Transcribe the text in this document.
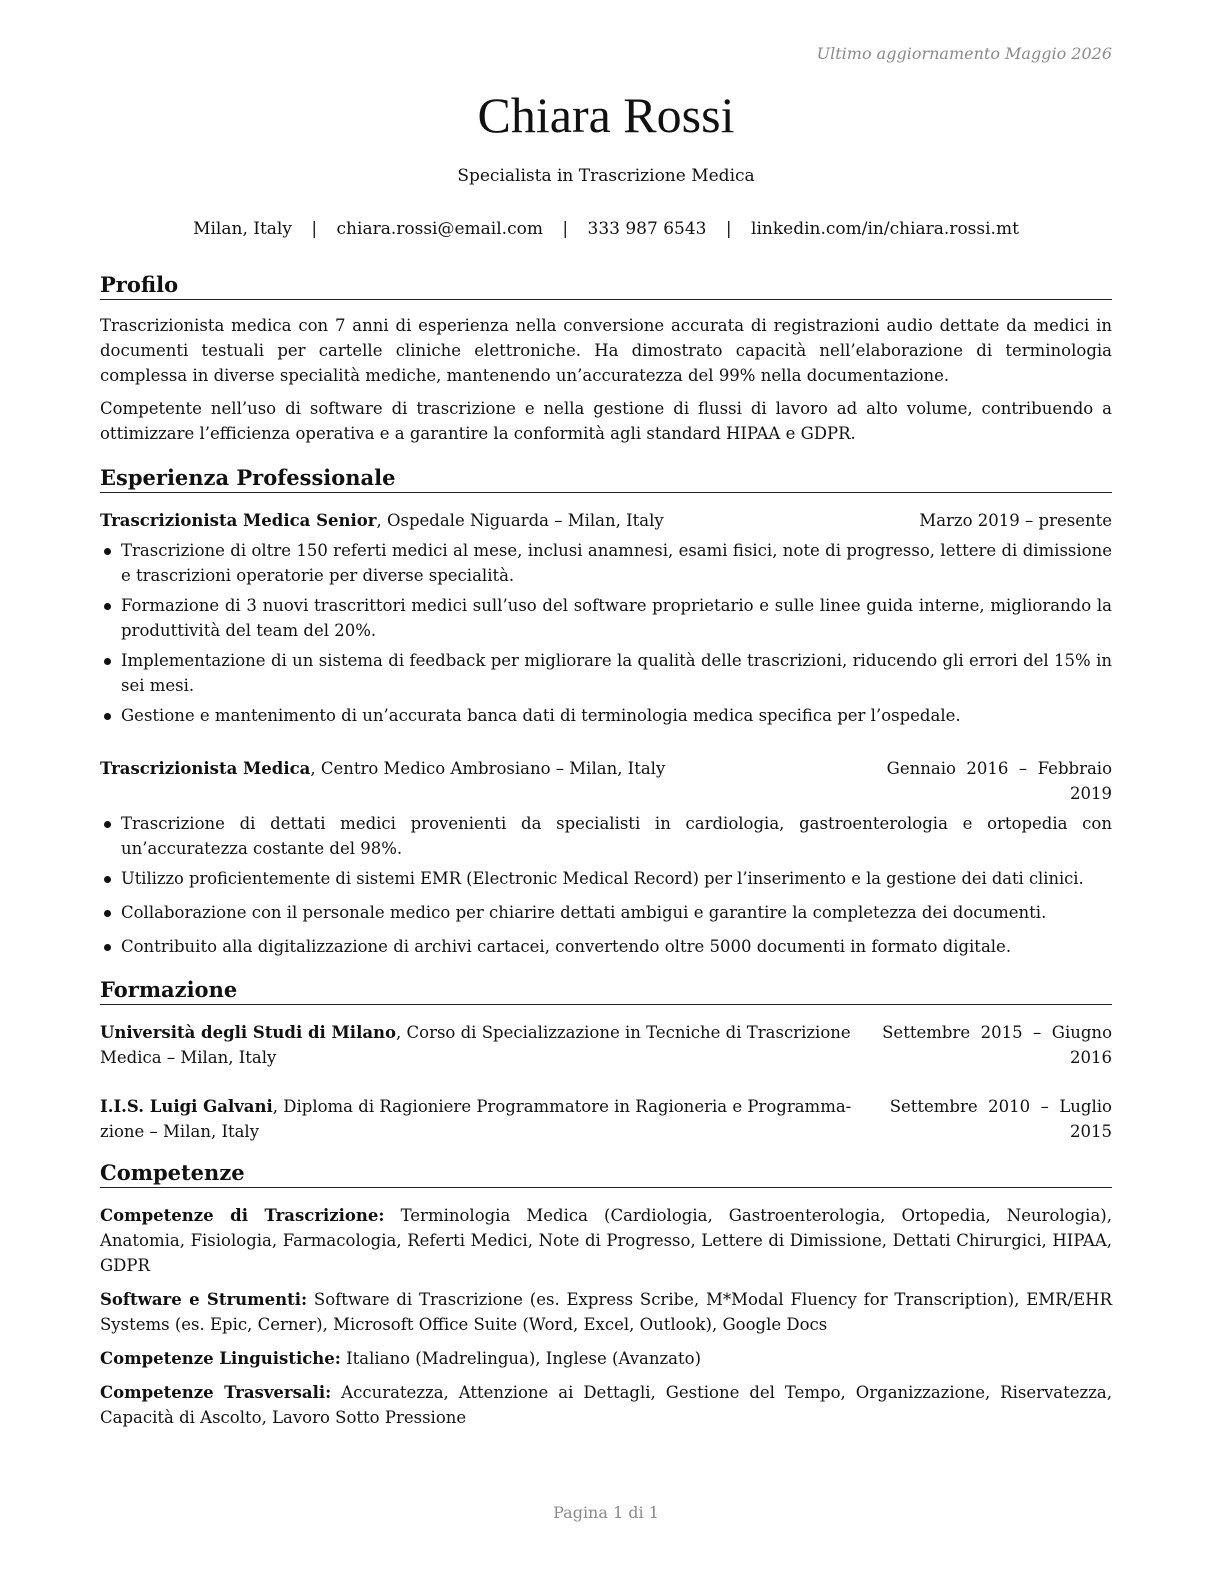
Ultimo aggiornamento Maggio 2026
Chiara Rossi
Specialista in Trascrizione Medica
Milan, Italy | chiara.rossi@email.com | 333 987 6543 | linkedin.com/in/chiara.rossi.mt
Profilo

Trascrizionista medica con 7 anni di esperienza nella conversione accurata di registrazioni audio dettate da medici in documenti testuali per cartelle cliniche elettroniche. Ha dimostrato capacità nell’elaborazione di terminologia complessa in diverse specialità mediche, mantenendo un’accuratezza del 99% nella documentazione.

Competente nell’uso di software di trascrizione e nella gestione di flussi di lavoro ad alto volume, contribuendo a ottimizzare l’efficienza operativa e a garantire la conformità agli standard HIPAA e GDPR.

Esperienza Professionale
Trascrizionista Medica Senior, Ospedale Niguarda – Milan, Italy	Marzo 2019 – presente
Trascrizione di oltre 150 referti medici al mese, inclusi anamnesi, esami fisici, note di progresso, lettere di dimissione e trascrizioni operatorie per diverse specialità.
Formazione di 3 nuovi trascrittori medici sull’uso del software proprietario e sulle linee guida interne, migliorando la produttività del team del 20%.
Implementazione di un sistema di feedback per migliorare la qualità delle trascrizioni, riducendo gli errori del 15% in sei mesi.
Gestione e mantenimento di un’accurata banca dati di terminologia medica specifica per l’ospedale.
Trascrizionista Medica, Centro Medico Ambrosiano – Milan, Italy	Gennaio  2016  –  Febbraio
2019
Trascrizione di dettati medici provenienti da specialisti in cardiologia, gastroenterologia e ortopedia con un’accuratezza costante del 98%.
Utilizzo proficientemente di sistemi EMR (Electronic Medical Record) per l’inserimento e la gestione dei dati clinici.
Collaborazione con il personale medico per chiarire dettati ambigui e garantire la completezza dei documenti.
Contribuito alla digitalizzazione di archivi cartacei, convertendo oltre 5000 documenti in formato digitale.
Formazione
Università degli Studi di Milano, Corso di Specializzazione in Tecniche di Trascrizione
Medica – Milan, Italy
Settembre  2015  –  Giugno
2016
I.I.S. Luigi Galvani, Diploma di Ragioniere Programmatore in Ragioneria e Programma-
zione – Milan, Italy
Settembre  2010  –  Luglio
2015
Competenze
Competenze di Trascrizione: Terminologia Medica (Cardiologia, Gastroenterologia, Ortopedia, Neurologia), Anatomia, Fisiologia, Farmacologia, Referti Medici, Note di Progresso, Lettere di Dimissione, Dettati Chirurgici, HIPAA, GDPR
Software e Strumenti: Software di Trascrizione (es. Express Scribe, M*Modal Fluency for Transcription), EMR/EHR Systems (es. Epic, Cerner), Microsoft Office Suite (Word, Excel, Outlook), Google Docs
Competenze Linguistiche: Italiano (Madrelingua), Inglese (Avanzato)
Competenze Trasversali: Accuratezza, Attenzione ai Dettagli, Gestione del Tempo, Organizzazione, Riservatezza, Capacità di Ascolto, Lavoro Sotto Pressione
Pagina 1 di 1
